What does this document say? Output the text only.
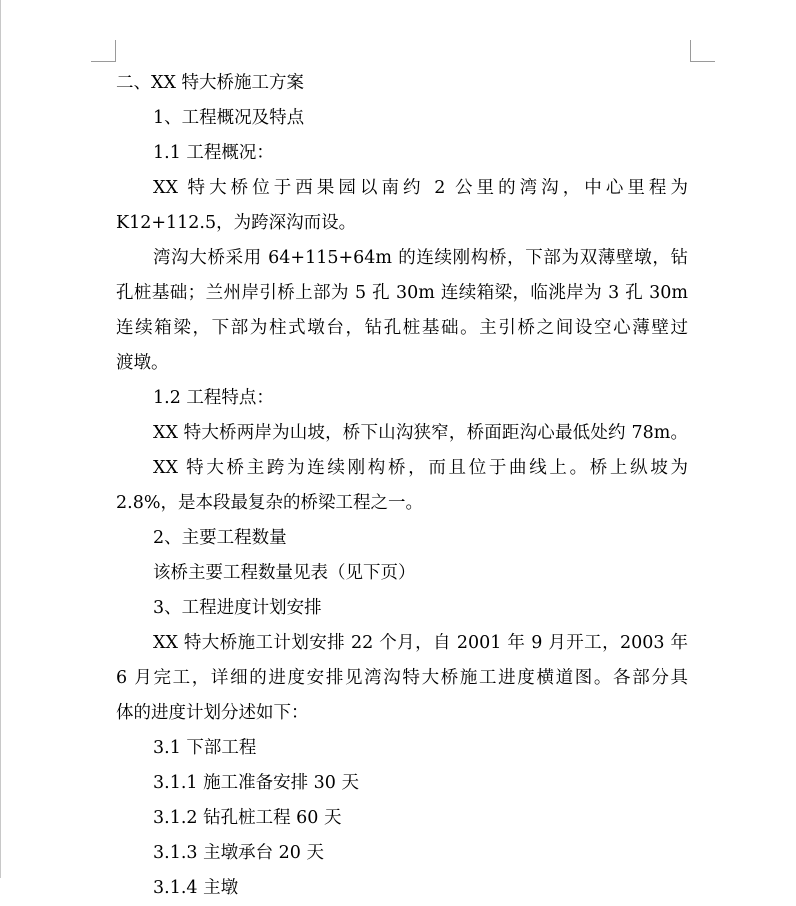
二、XX 特大桥施工方案
1、工程概况及特点
1.1 工程概况：
XX 特大桥位于西果园以南约 2 公里的湾沟，中心里程为
K12+112.5，为跨深沟而设。
湾沟大桥采用 64+115+64m 的连续刚构桥，下部为双薄壁墩，钻
孔桩基础；兰州岸引桥上部为 5 孔 30m 连续箱梁，临洮岸为 3 孔 30m
连续箱梁，下部为柱式墩台，钻孔桩基础。主引桥之间设空心薄壁过
渡墩。
1.2 工程特点：
XX 特大桥两岸为山坡，桥下山沟狭窄，桥面距沟心最低处约 78m。
XX 特大桥主跨为连续刚构桥，而且位于曲线上。桥上纵坡为
2.8%，是本段最复杂的桥梁工程之一。
2、主要工程数量
该桥主要工程数量见表（见下页）
3、工程进度计划安排
XX 特大桥施工计划安排 22 个月，自 2001 年 9 月开工，2003 年
6 月完工，详细的进度安排见湾沟特大桥施工进度横道图。各部分具
体的进度计划分述如下：
3.1 下部工程
3.1.1 施工准备安排 30 天
3.1.2 钻孔桩工程 60 天
3.1.3 主墩承台 20 天
3.1.4 主墩
